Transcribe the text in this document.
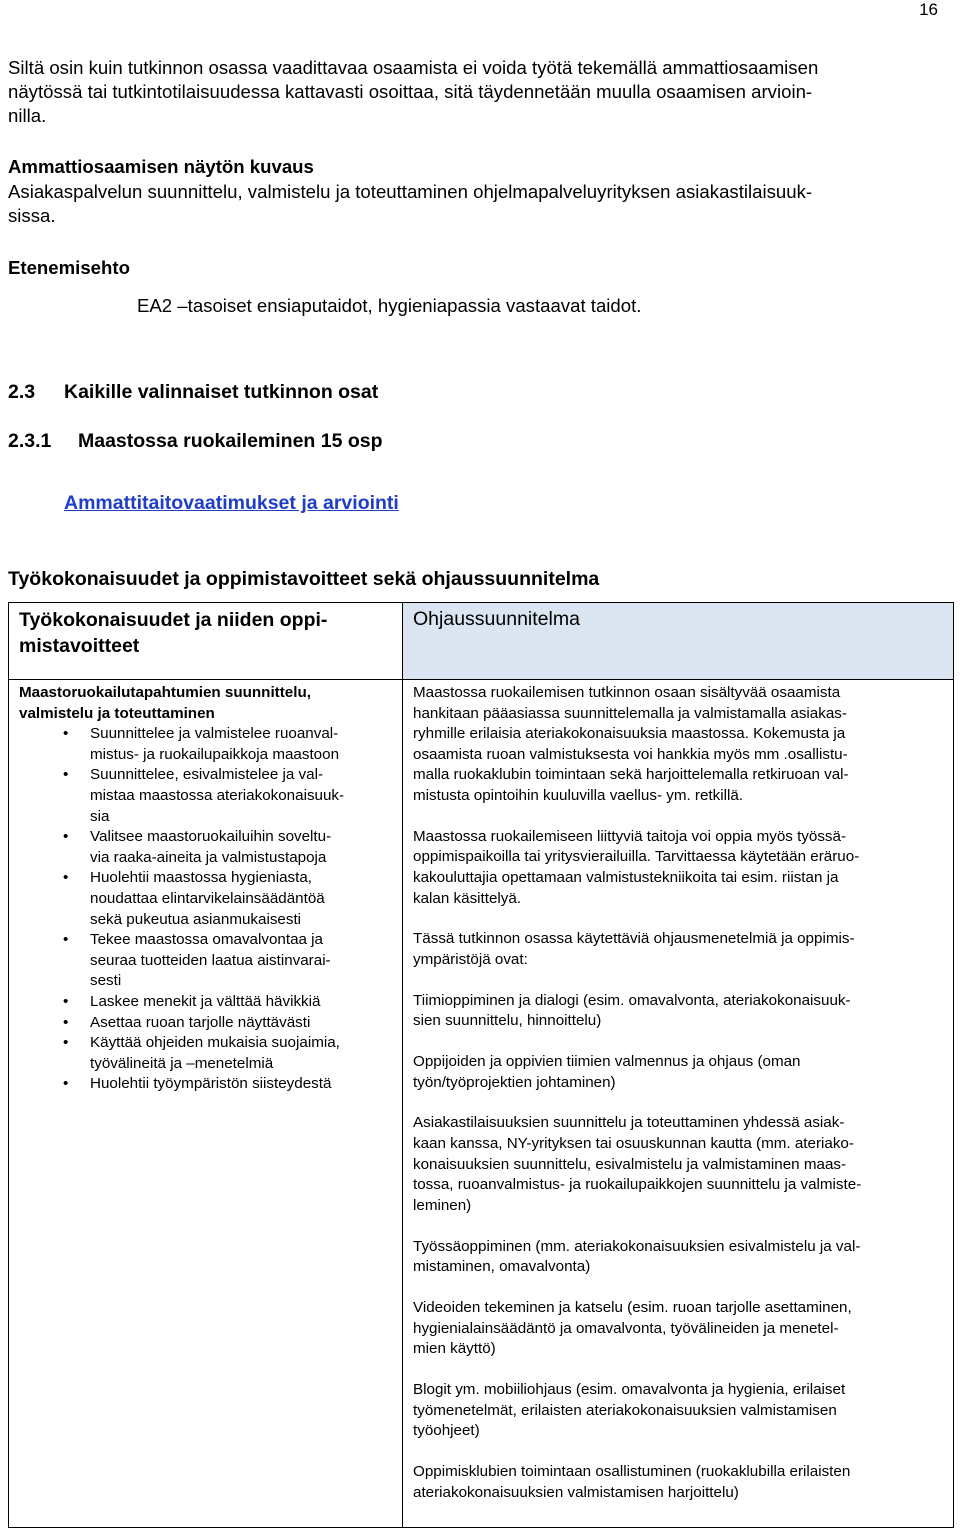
16
Siltä osin kuin tutkinnon osassa vaadittavaa osaamista ei voida työtä tekemällä ammattiosaamisen
näytössä tai tutkintotilaisuudessa kattavasti osoittaa, sitä täydennetään muulla osaamisen arvioin-
nilla.
Ammattiosaamisen näytön kuvaus
Asiakaspalvelun suunnittelu, valmistelu ja toteuttaminen ohjelmapalveluyrityksen asiakastilaisuuk-
sissa.
Etenemisehto
EA2 –tasoiset ensiaputaidot, hygieniapassia vastaavat taidot.
2.3 Kaikille valinnaiset tutkinnon osat
2.3.1 Maastossa ruokaileminen 15 osp
Ammattitaitovaatimukset ja arviointi
Työkokonaisuudet ja oppimistavoitteet sekä ohjaussuunnitelma
Työkokonaisuudet ja niiden oppi-
mistavoitteet
Ohjaussuunnitelma
Maastoruokailutapahtumien suunnittelu,
valmistelu ja toteuttaminen
• Suunnittelee ja valmistelee ruoanval-
mistus- ja ruokailupaikkoja maastoon
• Suunnittelee, esivalmistelee ja val-
mistaa maastossa ateriakokonaisuuk-
sia
• Valitsee maastoruokailuihin soveltu-
via raaka-aineita ja valmistustapoja
• Huolehtii maastossa hygieniasta,
noudattaa elintarvikelainsäädäntöä
sekä pukeutua asianmukaisesti
• Tekee maastossa omavalvontaa ja
seuraa tuotteiden laatua aistinvarai-
sesti
• Laskee menekit ja välttää hävikkiä
• Asettaa ruoan tarjolle näyttävästi
• Käyttää ohjeiden mukaisia suojaimia,
työvälineitä ja –menetelmiä
• Huolehtii työympäristön siisteydestä

Maastossa ruokailemisen tutkinnon osaan sisältyvää osaamista
hankitaan pääasiassa suunnittelemalla ja valmistamalla asiakas-
ryhmille erilaisia ateriakokonaisuuksia maastossa. Kokemusta ja
osaamista ruoan valmistuksesta voi hankkia myös mm .osallistu-
malla ruokaklubin toimintaan sekä harjoittelemalla retkiruoan val-
mistusta opintoihin kuuluvilla vaellus- ym. retkillä.

Maastossa ruokailemiseen liittyviä taitoja voi oppia myös työssä-
oppimispaikoilla tai yritysvierailuilla. Tarvittaessa käytetään eräruo-
kakouluttajia opettamaan valmistustekniikoita tai esim. riistan ja
kalan käsittelyä.

Tässä tutkinnon osassa käytettäviä ohjausmenetelmiä ja oppimis-
ympäristöjä ovat:

Tiimioppiminen ja dialogi (esim. omavalvonta, ateriakokonaisuuk-
sien suunnittelu, hinnoittelu)

Oppijoiden ja oppivien tiimien valmennus ja ohjaus (oman
työn/työprojektien johtaminen)

Asiakastilaisuuksien suunnittelu ja toteuttaminen yhdessä asiak-
kaan kanssa, NY-yrityksen tai osuuskunnan kautta (mm. ateriako-
konaisuuksien suunnittelu, esivalmistelu ja valmistaminen maas-
tossa, ruoanvalmistus- ja ruokailupaikkojen suunnittelu ja valmiste-
leminen)

Työssäoppiminen (mm. ateriakokonaisuuksien esivalmistelu ja val-
mistaminen, omavalvonta)

Videoiden tekeminen ja katselu (esim. ruoan tarjolle asettaminen,
hygienialainsäädäntö ja omavalvonta, työvälineiden ja menetel-
mien käyttö)

Blogit ym. mobiiliohjaus (esim. omavalvonta ja hygienia, erilaiset
työmenetelmät, erilaisten ateriakokonaisuuksien valmistamisen
työohjeet)

Oppimisklubien toimintaan osallistuminen (ruokaklubilla erilaisten
ateriakokonaisuuksien valmistamisen harjoittelu)
